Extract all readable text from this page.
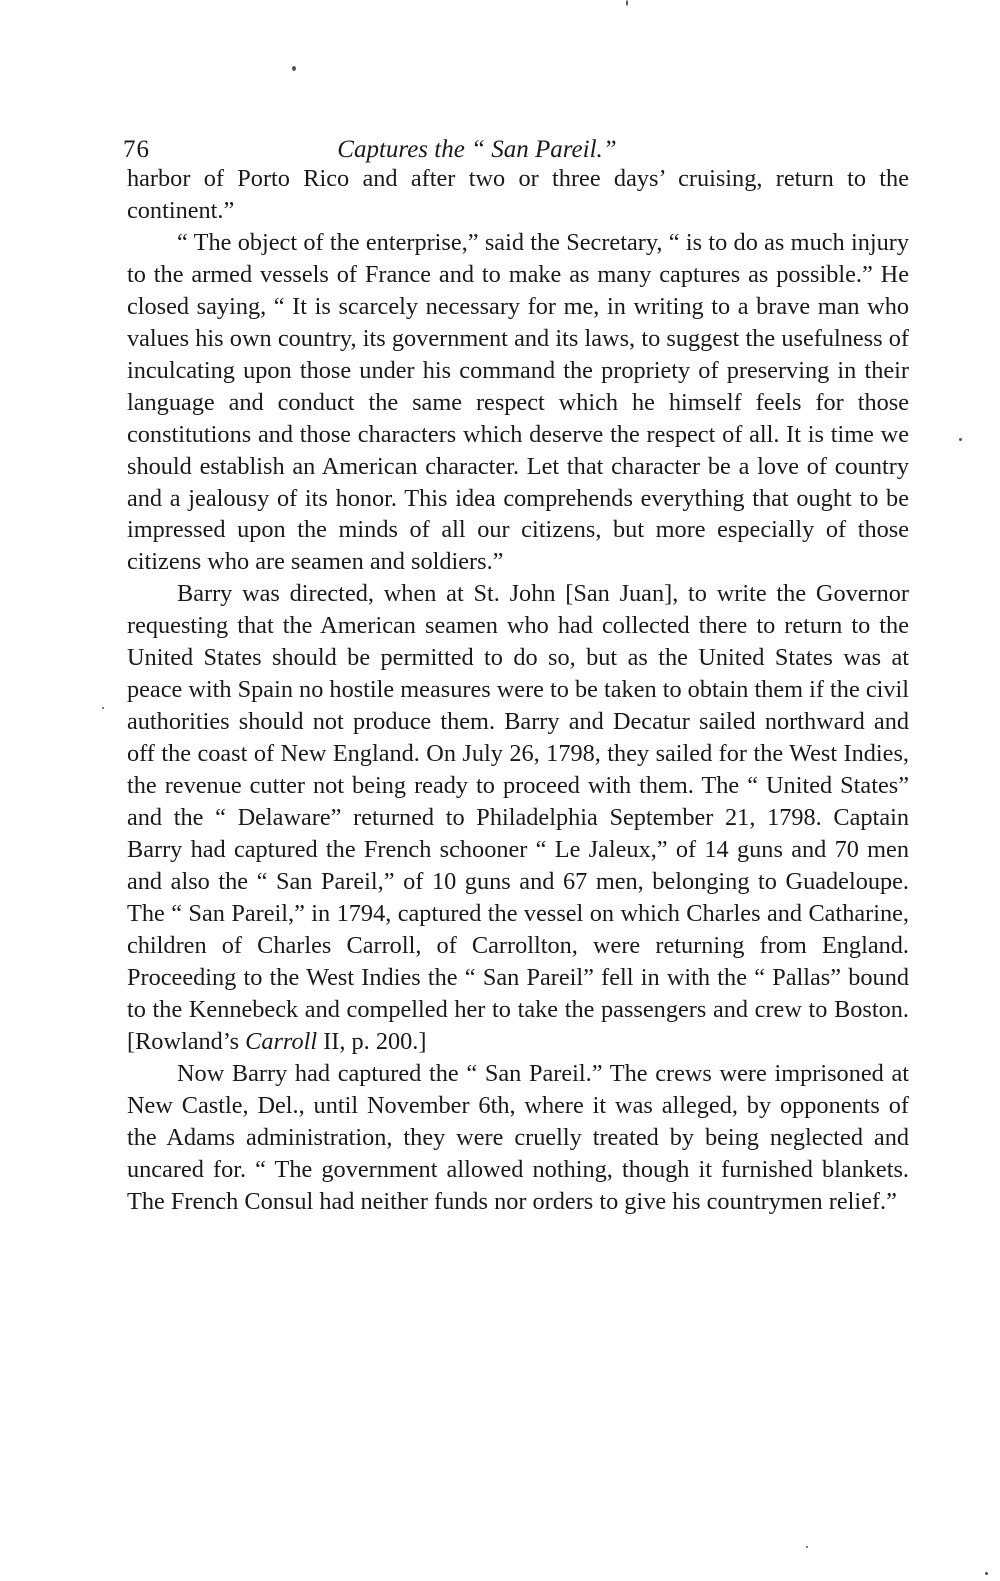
76	Captures the “ San Pareil.”

harbor of Porto Rico and after two or three days’ cruising, return to the continent.”

“ The object of the enterprise,” said the Secretary, “ is to do as much injury to the armed vessels of France and to make as many captures as possible.” He closed saying, “ It is scarcely necessary for me, in writing to a brave man who values his own country, its government and its laws, to suggest the usefulness of inculcating upon those under his command the propriety of preserving in their language and conduct the same respect which he himself feels for those constitutions and those characters which deserve the respect of all. It is time we should establish an American character. Let that character be a love of country and a jealousy of its honor. This idea comprehends everything that ought to be impressed upon the minds of all our citizens, but more especially of those citizens who are seamen and soldiers.”

Barry was directed, when at St. John [San Juan], to write the Governor requesting that the American seamen who had collected there to return to the United States should be permitted to do so, but as the United States was at peace with Spain no hostile measures were to be taken to obtain them if the civil authorities should not produce them. Barry and Decatur sailed northward and off the coast of New England. On July 26, 1798, they sailed for the West Indies, the revenue cutter not being ready to proceed with them. The “ United States” and the “ Delaware” returned to Philadelphia September 21, 1798. Captain Barry had captured the French schooner “ Le Jaleux,” of 14 guns and 70 men and also the “ San Pareil,” of 10 guns and 67 men, belonging to Guadeloupe. The “ San Pareil,” in 1794, captured the vessel on which Charles and Catharine, children of Charles Carroll, of Carrollton, were returning from England. Proceeding to the West Indies the “ San Pareil” fell in with the “ Pallas” bound to the Kennebeck and compelled her to take the passengers and crew to Boston. [Rowland’s Carroll II, p. 200.]

Now Barry had captured the “ San Pareil.” The crews were imprisoned at New Castle, Del., until November 6th, where it was alleged, by opponents of the Adams administration, they were cruelly treated by being neglected and uncared for. “ The government allowed nothing, though it furnished blankets. The French Consul had neither funds nor orders to give his countrymen relief.”
